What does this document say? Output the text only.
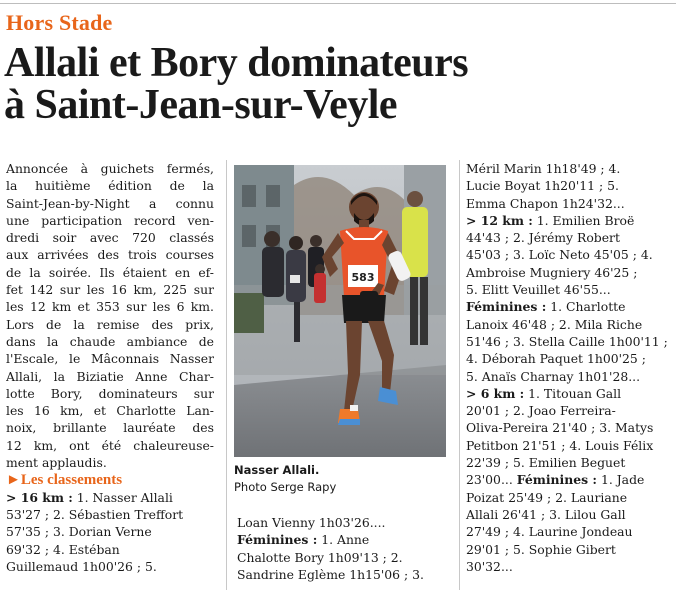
Hors Stade
Allali et Bory dominateurs
à Saint-Jean-sur-Veyle
Annoncée à guichets fermés,
la huitième édition de la
Saint-Jean-by-Night a connu
une participation record ven-
dredi soir avec 720 classés
aux arrivées des trois courses
de la soirée. Ils étaient en ef-
fet 142 sur les 16 km, 225 sur
les 12 km et 353 sur les 6 km.
Lors de la remise des prix,
dans la chaude ambiance de
l'Escale, le Mâconnais Nasser
Allali, la Biziatie Anne Char-
lotte Bory, dominateurs sur
les 16 km, et Charlotte Lan-
noix, brillante lauréate des
12 km, ont été chaleureuse-
ment applaudis.
►Les classements
> 16 km : 1. Nasser Allali
53'27 ; 2. Sébastien Treffort
57'35 ; 3. Dorian Verne
69'32 ; 4. Estéban
Guillemaud 1h00'26 ; 5.
583
Nasser Allali.
Photo Serge Rapy
Loan Vienny 1h03'26....
Féminines : 1. Anne
Chalotte Bory 1h09'13 ; 2.
Sandrine Eglème 1h15'06 ; 3.
Méril Marin 1h18'49 ; 4.
Lucie Boyat 1h20'11 ; 5.
Emma Chapon 1h24'32...
> 12 km : 1. Emilien Broë
44'43 ; 2. Jérémy Robert
45'03 ; 3. Loïc Neto 45'05 ; 4.
Ambroise Mugniery 46'25 ;
5. Elitt Veuillet 46'55...
Féminines : 1. Charlotte
Lanoix 46'48 ; 2. Mila Riche
51'46 ; 3. Stella Caille 1h00'11 ;
4. Déborah Paquet 1h00'25 ;
5. Anaïs Charnay 1h01'28...
> 6 km : 1. Titouan Gall
20'01 ; 2. Joao Ferreira-
Oliva-Pereira 21'40 ; 3. Matys
Petitbon 21'51 ; 4. Louis Félix
22'39 ; 5. Emilien Beguet
23'00... Féminines : 1. Jade
Poizat 25'49 ; 2. Lauriane
Allali 26'41 ; 3. Lilou Gall
27'49 ; 4. Laurine Jondeau
29'01 ; 5. Sophie Gibert
30'32...
